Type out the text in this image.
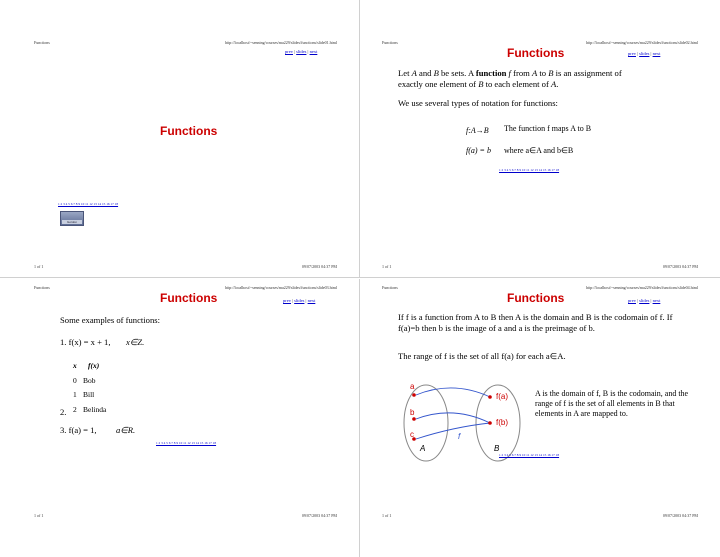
Functions	http://localhost/~senning/courses/ma229/slides/functions/slide01.html
prev | slides | next
Functions
1 2 3 4 5 6 7 8 9 10 11 12 13 14 15 16 17 18
Gordon
1 of 1	09/07/2003 04:37 PM
Functions	http://localhost/~senning/courses/ma229/slides/functions/slide02.html
Functions	prev | slides | next
Let A and B be sets. A function f from A to B is an assignment of
exactly one element of B to each element of A.
We use several types of notation for functions:
f:A→B The function f maps A to B
f(a) = b where a∈A and b∈B
1 2 3 4 5 6 7 8 9 10 11 12 13 14 15 16 17 18
1 of 1	09/07/2003 04:37 PM
Functions	http://localhost/~senning/courses/ma229/slides/functions/slide03.html
Functions	prev | slides | next
Some examples of functions:
1. f(x) = x + 1, x∈Z.
x f(x)
0 Bob
1 Bill
2 Belinda
2.
3. f(a) = 1, a∈R.
1 2 3 4 5 6 7 8 9 10 11 12 13 14 15 16 17 18
1 of 1	09/07/2003 04:37 PM
Functions	http://localhost/~senning/courses/ma229/slides/functions/slide04.html
Functions	prev | slides | next
If f is a function from A to B then A is the domain and B is the codomain of f. If f(a)=b then b is the image of a and a is the preimage of b.
The range of f is the set of all f(a) for each a∈A.
a
f(a)
b
f(b)
c	f
A	B
A is the domain of f, B is the codomain, and the range of f is the set of all elements in B that elements in A are mapped to.
1 2 3 4 5 6 7 8 9 10 11 12 13 14 15 16 17 18
1 of 1	09/07/2003 04:37 PM
